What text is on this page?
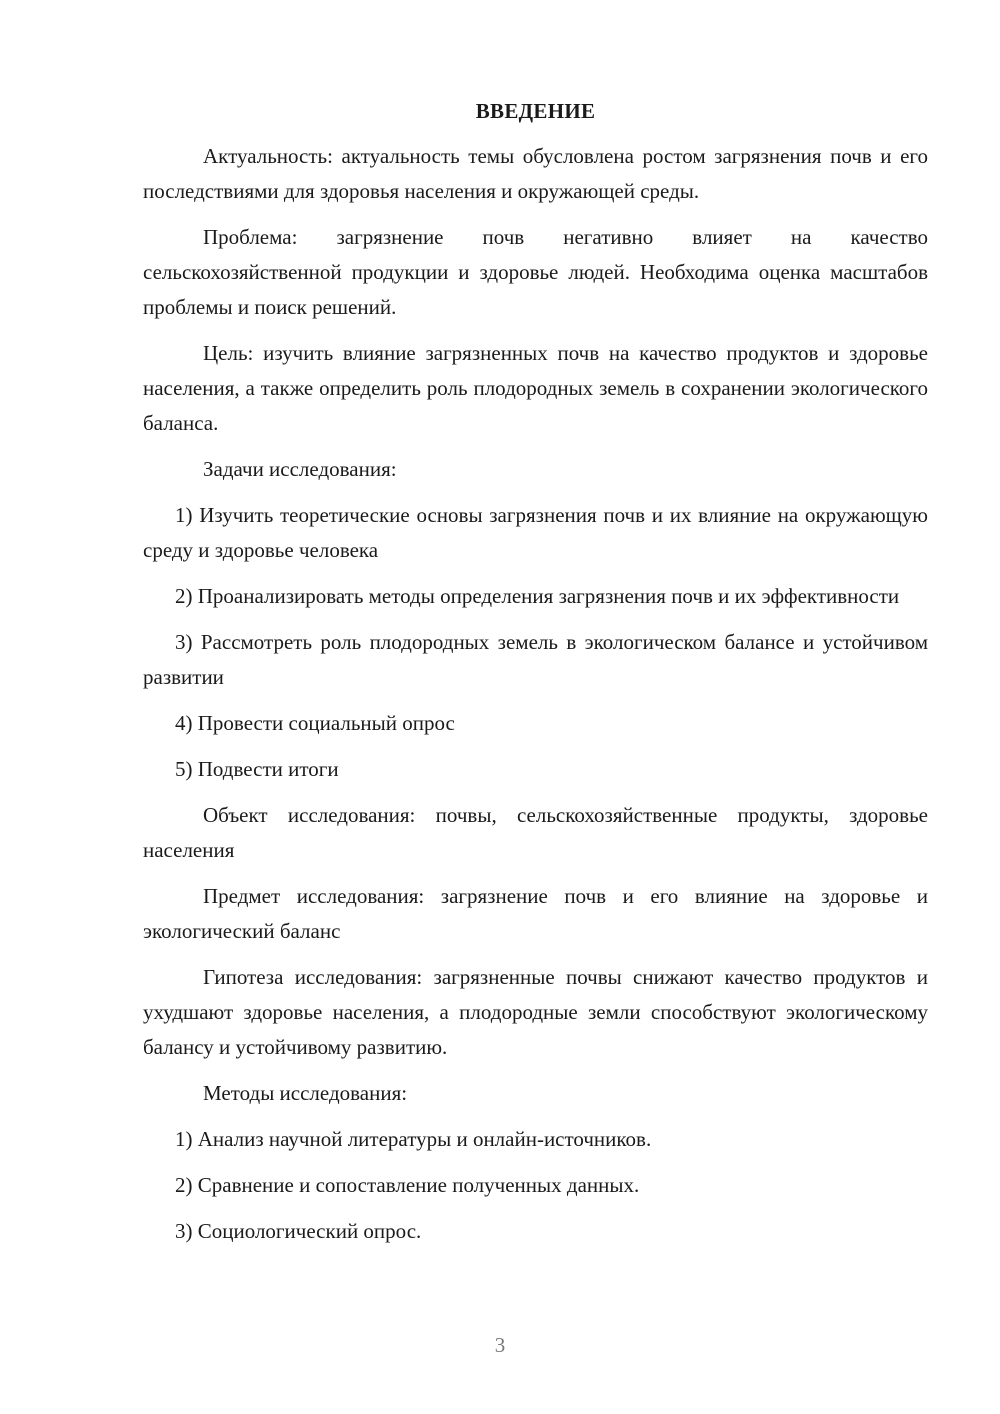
ВВЕДЕНИЕ

Актуальность: актуальность темы обусловлена ростом загрязнения почв и его последствиями для здоровья населения и окружающей среды.

Проблема: загрязнение почв негативно влияет на качество сельскохозяйственной продукции и здоровье людей. Необходима оценка масштабов проблемы и поиск решений.

Цель: изучить влияние загрязненных почв на качество продуктов и здоровье населения, а также определить роль плодородных земель в сохранении экологического баланса.

Задачи исследования:

1) Изучить теоретические основы загрязнения почв и их влияние на окружающую среду и здоровье человека

2) Проанализировать методы определения загрязнения почв и их эффективности

3) Рассмотреть роль плодородных земель в экологическом балансе и устойчивом развитии

4) Провести социальный опрос

5) Подвести итоги

Объект исследования: почвы, сельскохозяйственные продукты, здоровье населения

Предмет исследования: загрязнение почв и его влияние на здоровье и экологический баланс

Гипотеза исследования: загрязненные почвы снижают качество продуктов и ухудшают здоровье населения, а плодородные земли способствуют экологическому балансу и устойчивому развитию.

Методы исследования:

1) Анализ научной литературы и онлайн-источников.

2) Сравнение и сопоставление полученных данных.

3) Социологический опрос.

3
